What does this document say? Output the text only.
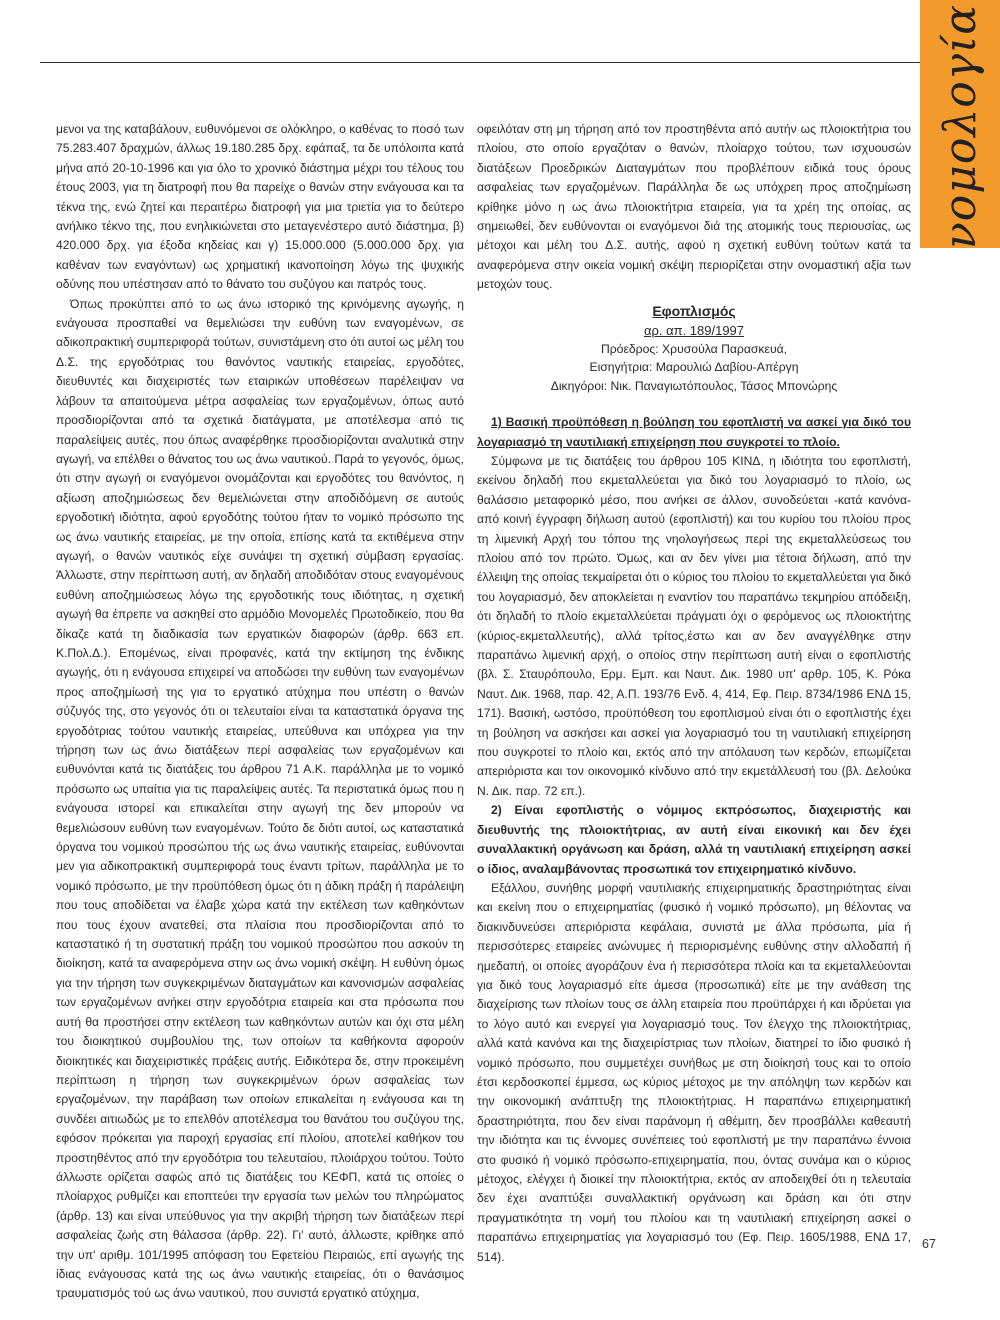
νομολογία

μενοι να της καταβάλουν, ευθυνόμενοι σε ολόκληρο, ο καθένας το ποσό των 75.283.407 δραχμών, άλλως 19.180.285 δρχ. εφάπαξ, τα δε υπόλοιπα κατά μήνα από 20-10-1996 και για όλο το χρονικό διάστημα μέχρι του τέλους του έτους 2003, για τη διατροφή που θα παρείχε ο θανών στην ενάγουσα και τα τέκνα της, ενώ ζητεί και περαιτέρω διατροφή για μια τριετία για το δεύτερο ανήλικο τέκνο της, που ενηλικιώνεται στο μεταγενέστερο αυτό διάστημα, β) 420.000 δρχ. για έξοδα κηδείας και γ) 15.000.000 (5.000.000 δρχ. για καθέναν των εναγόντων) ως χρηματική ικανοποίηση λόγω της ψυχικής οδύνης που υπέστησαν από το θάνατο του συζύγου και πατρός τους.

Όπως προκύπτει από το ως άνω ιστορικό της κρινόμενης αγωγής, η ενάγουσα προσπαθεί να θεμελιώσει την ευθύνη των εναγομένων, σε αδικοπρακτική συμπεριφορά τούτων, συνιστάμενη στο ότι αυτοί ως μέλη του Δ.Σ. της εργοδότριας του θανόντος ναυτικής εταιρείας, εργοδότες, διευθυντές και διαχειριστές των εταιρικών υποθέσεων παρέλειψαν να λάβουν τα απαιτούμενα μέτρα ασφαλείας των εργαζομένων, όπως αυτό προσδιορίζονται από τα σχετικά διατάγματα, με αποτέλεσμα από τις παραλείψεις αυτές, που όπως αναφέρθηκε προσδιορίζονται αναλυτικά στην αγωγή, να επέλθει ο θάνατος του ως άνω ναυτικού. Παρά το γεγονός, όμως, ότι στην αγωγή οι εναγόμενοι ονομάζονται και εργοδότες του θανόντος, η αξίωση αποζημιώσεως δεν θεμελιώνεται στην αποδιδόμενη σε αυτούς εργοδοτική ιδιότητα, αφού εργοδότης τούτου ήταν το νομικό πρόσωπο της ως άνω ναυτικής εταιρείας, με την οποία, επίσης κατά τα εκτιθέμενα στην αγωγή, ο θανών ναυτικός είχε συνάψει τη σχετική σύμβαση εργασίας. Άλλωστε, στην περίπτωση αυτή, αν δηλαδή αποδιδόταν στους εναγομένους ευθύνη αποζημιώσεως λόγω της εργοδοτικής τους ιδιότητας, η σχετική αγωγή θα έπρεπε να ασκηθεί στο αρμόδιο Μονομελές Πρωτοδικείο, που θα δίκαζε κατά τη διαδικασία των εργατικών διαφορών (άρθρ. 663 επ. Κ.Πολ.Δ.). Επομένως, είναι προφανές, κατά την εκτίμηση της ένδικης αγωγής, ότι η ενάγουσα επιχειρεί να αποδώσει την ευθύνη των εναγομένων προς αποζημίωσή της για το εργατικό ατύχημα που υπέστη ο θανών σύζυγός της, στο γεγονός ότι οι τελευταίοι είναι τα καταστατικά όργανα της εργοδότριας τούτου ναυτικής εταιρείας, υπεύθυνα και υπόχρεα για την τήρηση των ως άνω διατάξεων περί ασφαλείας των εργαζομένων και ευθυνόνται κατά τις διατάξεις του άρθρου 71 Α.Κ. παράλληλα με το νομικό πρόσωπο ως υπαίτια για τις παραλείψεις αυτές. Τα περιστατικά όμως που η ενάγουσα ιστορεί και επικαλείται στην αγωγή της δεν μπορούν να θεμελιώσουν ευθύνη των εναγομένων. Τούτο δε διότι αυτοί, ως καταστατικά όργανα του νομικού προσώπου τής ως άνω ναυτικής εταιρείας, ευθύνονται μεν για αδικοπρακτική συμπεριφορά τους έναντι τρίτων, παράλληλα με το νομικό πρόσωπο, με την προϋπόθεση όμως ότι η άδικη πράξη ή παράλειψη που τους αποδίδεται να έλαβε χώρα κατά την εκτέλεση των καθηκόντων που τους έχουν ανατεθεί, στα πλαίσια που προσδιορίζονται από το καταστατικό ή τη συστατική πράξη του νομικού προσώπου που ασκούν τη διοίκηση, κατά τα αναφερόμενα στην ως άνω νομική σκέψη. Η ευθύνη όμως για την τήρηση των συγκεκριμένων διαταγμάτων και κανονισμών ασφαλείας των εργαζομένων ανήκει στην εργοδότρια εταιρεία και στα πρόσωπα που αυτή θα προστήσει στην εκτέλεση των καθηκόντων αυτών και όχι στα μέλη του διοικητικού συμβουλίου της, των οποίων τα καθήκοντα αφορούν διοικητικές και διαχειριστικές πράξεις αυτής. Ειδικότερα δε, στην προκειμένη περίπτωση η τήρηση των συγκεκριμένων όρων ασφαλείας των εργαζομένων, την παράβαση των οποίων επικαλείται η ενάγουσα και τη συνδέει αιτιωδώς με το επελθόν αποτέλεσμα του θανάτου του συζύγου της, εφόσον πρόκειται για παροχή εργασίας επί πλοίου, αποτελεί καθήκον του προστηθέντος από την εργοδότρια του τελευταίου, πλοιάρχου τούτου. Τούτο άλλωστε ορίζεται σαφώς από τις διατάξεις του ΚΕΦΠ, κατά τις οποίες ο πλοίαρχος ρυθμίζει και εποπτεύει την εργασία των μελών του πληρώματος (άρθρ. 13) και είναι υπεύθυνος για την ακριβή τήρηση των διατάξεων περί ασφαλείας ζωής στη θάλασσα (άρθρ. 22). Γι' αυτό, άλλωστε, κρίθηκε από την υπ' αριθμ. 101/1995 απόφαση του Εφετείου Πειραιώς, επί αγωγής της ίδιας ενάγουσας κατά της ως άνω ναυτικής εταιρείας, ότι ο θανάσιμος τραυματισμός τού ως άνω ναυτικού, που συνιστά εργατικό ατύχημα,

οφειλόταν στη μη τήρηση από τον προστηθέντα από αυτήν ως πλοιοκτήτρια του πλοίου, στο οποίο εργαζόταν ο θανών, πλοίαρχο τούτου, των ισχυουσών διατάξεων Προεδρικών Διαταγμάτων που προβλέπουν ειδικά τους όρους ασφαλείας των εργαζομένων. Παράλληλα δε ως υπόχρεη προς αποζημίωση κρίθηκε μόνο η ως άνω πλοιοκτήτρια εταιρεία, για τα χρέη της οποίας, ας σημειωθεί, δεν ευθύνονται οι εναγόμενοι διά της ατομικής τους περιουσίας, ως μέτοχοι και μέλη του Δ.Σ. αυτής, αφού η σχετική ευθύνη τούτων κατά τα αναφερόμενα στην οικεία νομική σκέψη περιορίζεται στην ονομαστική αξία των μετοχών τους.

Εφοπλισμός
αρ. απ. 189/1997
Πρόεδρος: Χρυσούλα Παρασκευά,
Εισηγήτρια: Μαρουλιώ Δαβίου-Απέργη
Δικηγόροι: Νικ. Παναγιωτόπουλος, Τάσος Μπονώρης

1) Βασική προϋπόθεση η βούληση του εφοπλιστή να ασκεί για δικό του λογαριασμό τη ναυτιλιακή επιχείρηση που συγκροτεί το πλοίο.

Σύμφωνα με τις διατάξεις του άρθρου 105 ΚΙΝΔ, η ιδιότητα του εφοπλιστή, εκείνου δηλαδή που εκμεταλλεύεται για δικό του λογαριασμό το πλοίο, ως θαλάσσιο μεταφορικό μέσο, που ανήκει σε άλλον, συνοδεύεται -κατά κανόνα- από κοινή έγγραφη δήλωση αυτού (εφοπλιστή) και του κυρίου του πλοίου προς τη λιμενική Αρχή του τόπου της νηολογήσεως περί της εκμεταλλεύσεως του πλοίου από τον πρώτο. Όμως, και αν δεν γίνει μια τέτοια δήλωση, από την έλλειψη της οποίας τεκμαίρεται ότι ο κύριος του πλοίου το εκμεταλλεύεται για δικό του λογαριασμό, δεν αποκλείεται η εναντίον του παραπάνω τεκμηρίου απόδειξη, ότι δηλαδή το πλοίο εκμεταλλεύεται πράγματι όχι ο φερόμενος ως πλοιοκτήτης (κύριος-εκμεταλλευτής), αλλά τρίτος,έστω και αν δεν αναγγέλθηκε στην παραπάνω λιμενική αρχή, ο οποίος στην περίπτωση αυτή είναι ο εφοπλιστής (βλ. Σ. Σταυρόπουλο, Ερμ. Εμπ. και Ναυτ. Δικ. 1980 υπ' αρθρ. 105, Κ. Ρόκα Ναυτ. Δικ. 1968, παρ. 42, Α.Π. 193/76 Ενδ. 4, 414, Εφ. Πειρ. 8734/1986 ΕΝΔ 15, 171). Βασική, ωστόσο, προϋπόθεση του εφοπλισμού είναι ότι ο εφοπλιστής έχει τη βούληση να ασκήσει και ασκεί για λογαριασμό του τη ναυτιλιακή επιχείρηση που συγκροτεί το πλοίο και, εκτός από την απόλαυση των κερδών, επωμίζεται απεριόριστα και τον οικονομικό κίνδυνο από την εκμετάλλευσή του (βλ. Δελούκα Ν. Δικ. παρ. 72 επ.).

2) Είναι εφοπλιστής ο νόμιμος εκπρόσωπος, διαχειριστής και διευθυντής της πλοιοκτήτριας, αν αυτή είναι εικονική και δεν έχει συναλλακτική οργάνωση και δράση, αλλά τη ναυτιλιακή επιχείρηση ασκεί ο ίδιος, αναλαμβάνοντας προσωπικά τον επιχειρηματικό κίνδυνο.

Εξάλλου, συνήθης μορφή ναυτιλιακής επιχειρηματικής δραστηριότητας είναι και εκείνη που ο επιχειρηματίας (φυσικό ή νομικό πρόσωπο), μη θέλοντας να διακινδυνεύσει απεριόριστα κεφάλαια, συνιστά με άλλα πρόσωπα, μία ή περισσότερες εταιρείες ανώνυμες ή περιορισμένης ευθύνης στην αλλοδαπή ή ημεδαπή, οι οποίες αγοράζουν ένα ή περισσότερα πλοία και τα εκμεταλλεύονται για δικό τους λογαριασμό είτε άμεσα (προσωπικά) είτε με την ανάθεση της διαχείρισης των πλοίων τους σε άλλη εταιρεία που προϋπάρχει ή και ιδρύεται για το λόγο αυτό και ενεργεί για λογαριασμό τους. Τον έλεγχο της πλοιοκτήτριας, αλλά κατά κανόνα και της διαχειρίστριας των πλοίων, διατηρεί το ίδιο φυσικό ή νομικό πρόσωπο, που συμμετέχει συνήθως με στη διοίκησή τους και το οποίο έτσι κερδοσκοπεί έμμεσα, ως κύριος μέτοχος με την απόληψη των κερδών και την οικονομική ανάπτυξη της πλοιοκτήτριας. Η παραπάνω επιχειρηματική δραστηριότητα, που δεν είναι παράνομη ή αθέμιτη, δεν προσβάλλει καθεαυτή την ιδιότητα και τις έννομες συνέπειες τού εφοπλιστή με την παραπάνω έννοια στο φυσικό ή νομικό πρόσωπο-επιχειρηματία, που, όντας συνάμα και ο κύριος μέτοχος, ελέγχει ή διοικεί την πλοιοκτήτρια, εκτός αν αποδειχθεί ότι η τελευταία δεν έχει αναπτύξει συναλλακτική οργάνωση και δράση και ότι στην πραγματικότητα τη νομή του πλοίου και τη ναυτιλιακή επιχείρηση ασκεί ο παραπάνω επιχειρηματίας για λογαριασμό του (Εφ. Πειρ. 1605/1988, ΕΝΔ 17, 514).

67
